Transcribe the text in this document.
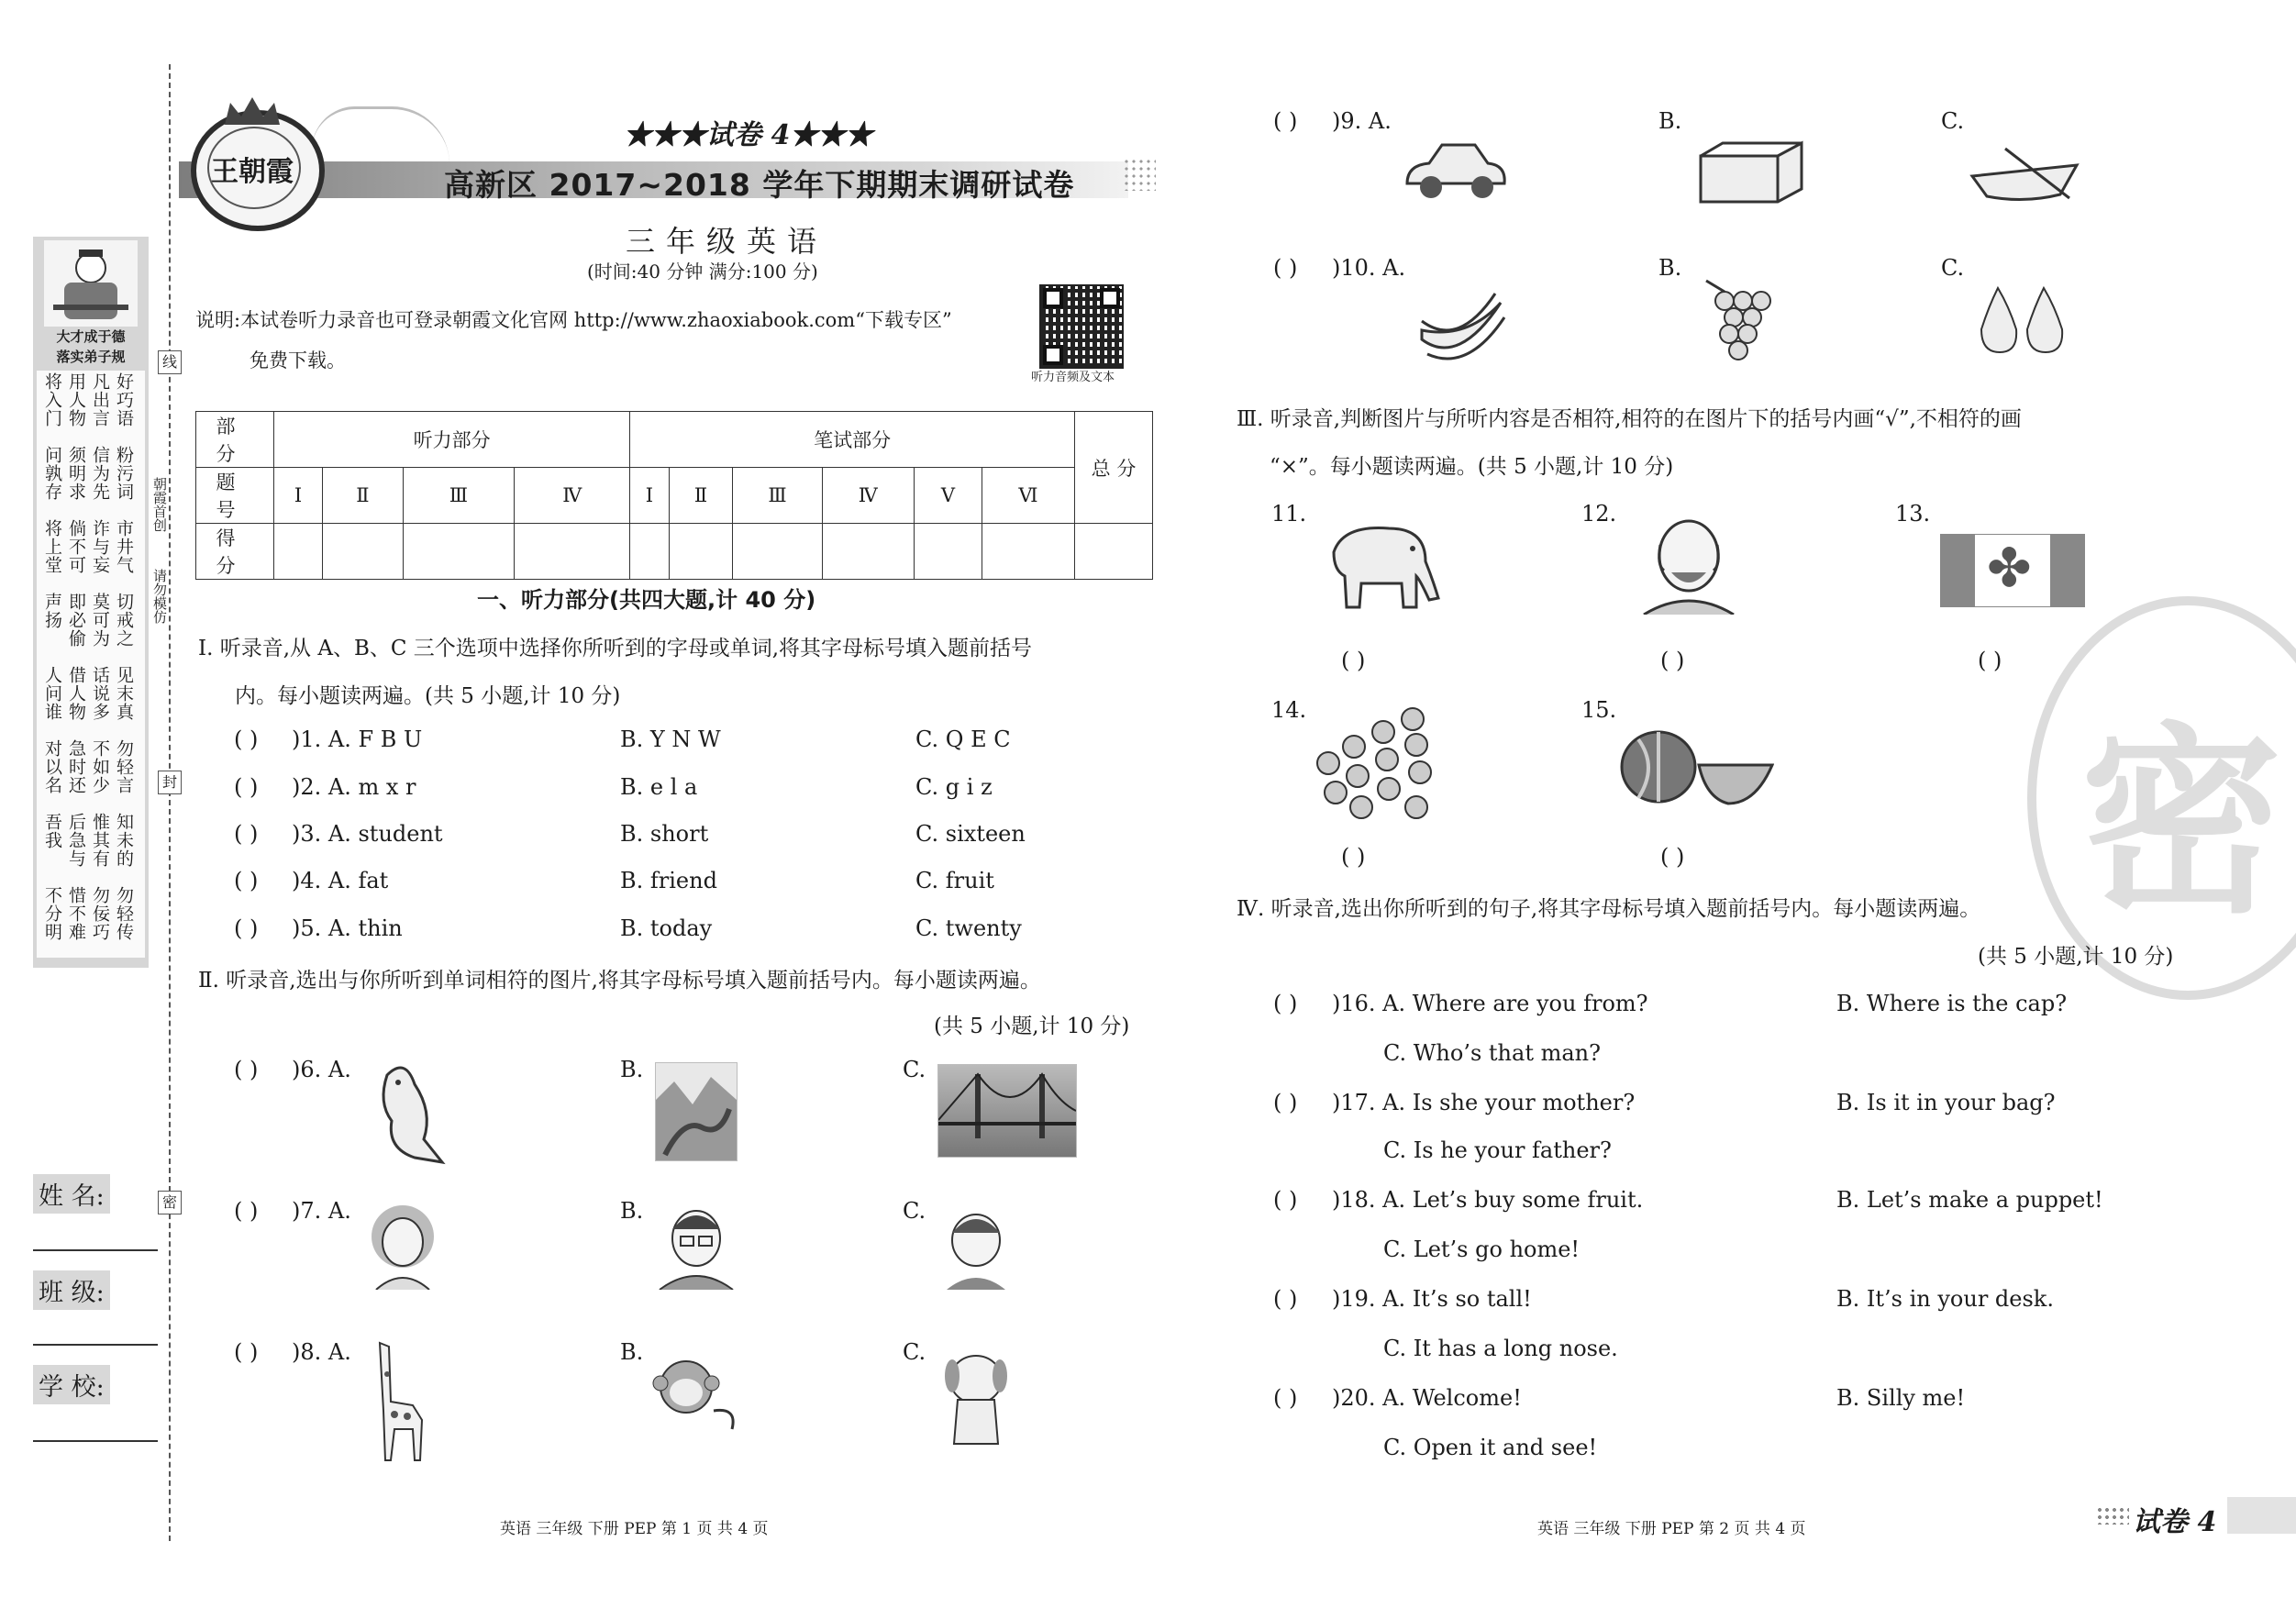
大才成于德
落实弟子规
好巧语
凡出言
用人物
将入门
粉污词
信为先
须明求
问孰存
市井气
诈与妄
倘不可
将上堂
切戒之
莫可为
即必偷
声扬
见末真
话说多
借人物
人问谁
勿轻言
不如少
急时还
对以名
知未的
惟其有
后急与
吾我
勿轻传
勿佞巧
惜不难
不分明
线
封
密
朝霞首创
请勿模仿
姓 名:
班 级:
学 校:
王朝霞
★★★试卷 4★★★
高新区 2017~2018 学年下期期末调研试卷
三年级英语
(时间:40 分钟 满分:100 分)
说明:本试卷听力录音也可登录朝霞文化官网 http://www.zhaoxiabook.com“下载专区”
免费下载。
听力音频及文本
部 分	听力部分				笔试部分						总 分
题 号	Ⅰ	Ⅱ	Ⅲ	Ⅳ	Ⅰ	Ⅱ	Ⅲ	Ⅳ	Ⅴ	Ⅵ	
得 分											
一、听力部分(共四大题,计 40 分)
Ⅰ. 听录音,从 A、B、C 三个选项中选择你所听到的字母或单词,将其字母标号填入题前括号
内。每小题读两遍。(共 5 小题,计 10 分)
( ) )1. A. F B U	B. Y N W	C. Q E C
( ) )2. A. m x r	B. e l a	C. g i z
( ) )3. A. student	B. short	C. sixteen
( ) )4. A. fat	B. friend	C. fruit
( ) )5. A. thin	B. today	C. twenty
Ⅱ. 听录音,选出与你所听到单词相符的图片,将其字母标号填入题前括号内。每小题读两遍。
(共 5 小题,计 10 分)
( ) )6. A.	B.	C.
( ) )7. A.	B.	C.
( ) )8. A.	B.	C.
( ) )9. A.	B.	C.
( ) )10. A.	B.	C.
Ⅲ. 听录音,判断图片与所听内容是否相符,相符的在图片下的括号内画“√”,不相符的画
“×”。每小题读两遍。(共 5 小题,计 10 分)
11.
( )
12.
( )
13.
✤
( )
14.
( )
15.
( ) 密
Ⅳ. 听录音,选出你所听到的句子,将其字母标号填入题前括号内。每小题读两遍。
(共 5 小题,计 10 分)
( ) )16. A. Where are you from?	B. Where is the cap?
C. Who’s that man?
( ) )17. A. Is she your mother?	B. Is it in your bag?
C. Is he your father?
( ) )18. A. Let’s buy some fruit.	B. Let’s make a puppet!
C. Let’s go home!
( ) )19. A. It’s so tall!	B. It’s in your desk.
C. It has a long nose.
( ) )20. A. Welcome!	B. Silly me!
C. Open it and see!
英语 三年级 下册 PEP 第 1 页 共 4 页	英语 三年级 下册 PEP 第 2 页 共 4 页	试卷 4
